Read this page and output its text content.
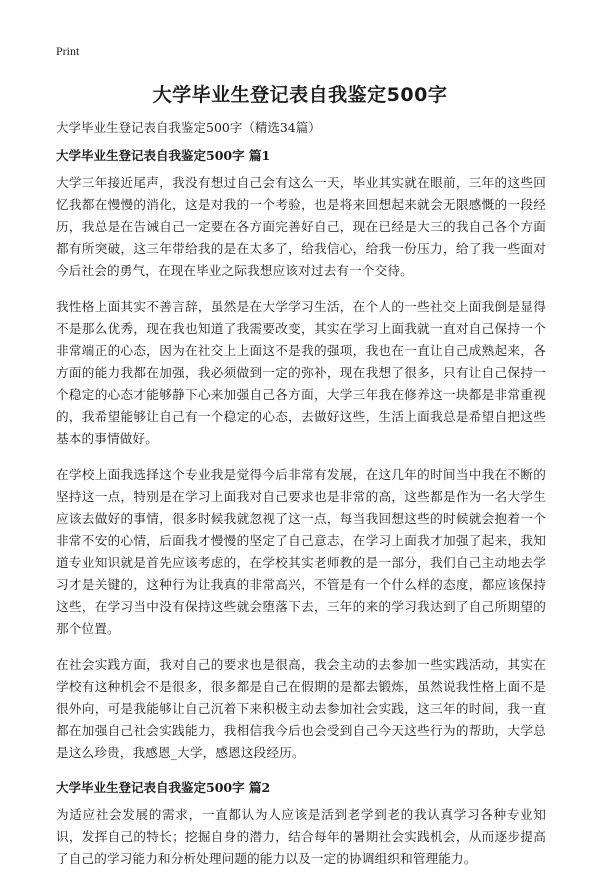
Print
大学毕业生登记表自我鉴定500字

大学毕业生登记表自我鉴定500字（精选34篇）

大学毕业生登记表自我鉴定500字 篇1

大学三年接近尾声，我没有想过自己会有这么一天，毕业其实就在眼前，三年的这些回忆我都在慢慢的消化，这是对我的一个考验，也是将来回想起来就会无限感慨的一段经历，我总是在告诫自己一定要在各方面完善好自己，现在已经是大三的我自己各个方面都有所突破，这三年带给我的是在太多了，给我信心，给我一份压力，给了我一些面对今后社会的勇气，在现在毕业之际我想应该对过去有一个交待。

我性格上面其实不善言辞，虽然是在大学学习生活，在个人的一些社交上面我倒是显得不是那么优秀，现在我也知道了我需要改变，其实在学习上面我就一直对自己保持一个非常端正的心态，因为在社交上上面这不是我的强项，我也在一直让自己成熟起来，各方面的能力我都在加强，我必须做到一定的弥补，现在我想了很多，只有让自己保持一个稳定的心态才能够静下心来加强自己各方面，大学三年我在修养这一块都是非常重视的，我希望能够让自己有一个稳定的心态，去做好这些，生活上面我总是希望自把这些基本的事情做好。

在学校上面我选择这个专业我是觉得今后非常有发展，在这几年的时间当中我在不断的坚持这一点，特别是在学习上面我对自己要求也是非常的高，这些都是作为一名大学生应该去做好的事情，很多时候我就忽视了这一点，每当我回想这些的时候就会抱着一个非常不安的心情，后面我才慢慢的坚定了自己意志，在学习上面我才加强了起来，我知道专业知识就是首先应该考虑的，在学校其实老师教的是一部分，我们自己主动地去学习才是关键的，这种行为让我真的非常高兴，不管是有一个什么样的态度，都应该保持这些，在学习当中没有保持这些就会堕落下去，三年的来的学习我达到了自己所期望的那个位置。

在社会实践方面，我对自己的要求也是很高，我会主动的去参加一些实践活动，其实在学校有这种机会不是很多，很多都是自己在假期的是都去锻炼，虽然说我性格上面不是很外向，可是我能够让自己沉着下来积极主动去参加社会实践，这三年的时间，我一直都在加强自己社会实践能力，我相信我今后也会受到自己今天这些行为的帮助，大学总是这么珍贵，我感恩_大学，感恩这段经历。

大学毕业生登记表自我鉴定500字 篇2

为适应社会发展的需求，一直都认为人应该是活到老学到老的我认真学习各种专业知识，发挥自己的特长；挖掘自身的潜力，结合每年的暑期社会实践机会，从而逐步提高了自己的学习能力和分析处理问题的能力以及一定的协调组织和管理能力。
